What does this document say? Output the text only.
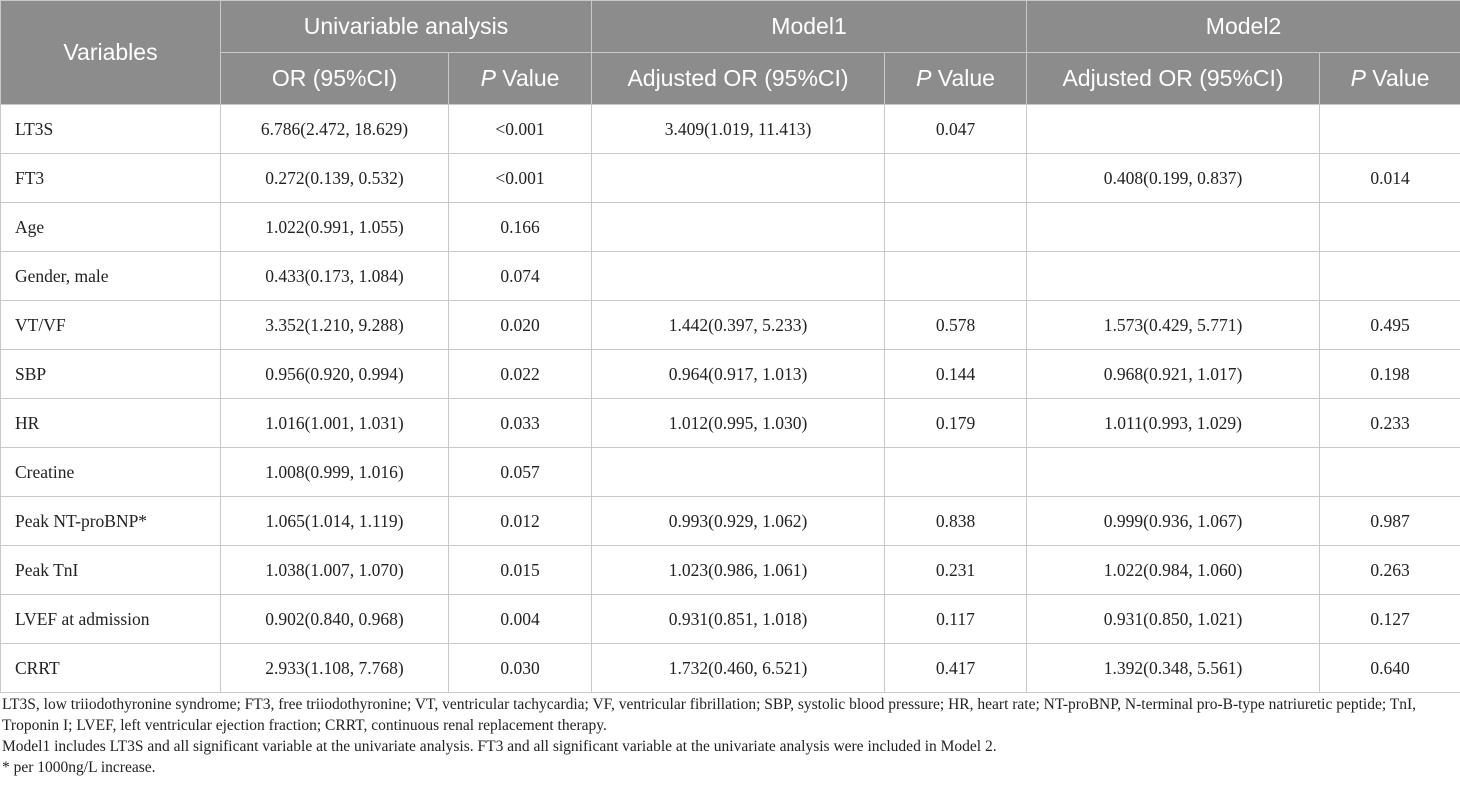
Variables	Univariable analysis		Model1		Model2	
	OR (95%CI)	P Value	Adjusted OR (95%CI)	P Value	Adjusted OR (95%CI)	P Value
LT3S	6.786(2.472, 18.629)	<0.001	3.409(1.019, 11.413)	0.047		
FT3	0.272(0.139, 0.532)	<0.001			0.408(0.199, 0.837)	0.014
Age	1.022(0.991, 1.055)	0.166				
Gender, male	0.433(0.173, 1.084)	0.074				
VT/VF	3.352(1.210, 9.288)	0.020	1.442(0.397, 5.233)	0.578	1.573(0.429, 5.771)	0.495
SBP	0.956(0.920, 0.994)	0.022	0.964(0.917, 1.013)	0.144	0.968(0.921, 1.017)	0.198
HR	1.016(1.001, 1.031)	0.033	1.012(0.995, 1.030)	0.179	1.011(0.993, 1.029)	0.233
Creatine	1.008(0.999, 1.016)	0.057				
Peak NT-proBNP*	1.065(1.014, 1.119)	0.012	0.993(0.929, 1.062)	0.838	0.999(0.936, 1.067)	0.987
Peak TnI	1.038(1.007, 1.070)	0.015	1.023(0.986, 1.061)	0.231	1.022(0.984, 1.060)	0.263
LVEF at admission	0.902(0.840, 0.968)	0.004	0.931(0.851, 1.018)	0.117	0.931(0.850, 1.021)	0.127
CRRT	2.933(1.108, 7.768)	0.030	1.732(0.460, 6.521)	0.417	1.392(0.348, 5.561)	0.640

LT3S, low triiodothyronine syndrome; FT3, free triiodothyronine; VT, ventricular tachycardia; VF, ventricular fibrillation; SBP, systolic blood pressure; HR, heart rate; NT-proBNP, N-terminal pro-B-type natriuretic peptide; TnI, Troponin I; LVEF, left ventricular ejection fraction; CRRT, continuous renal replacement therapy.

Model1 includes LT3S and all significant variable at the univariate analysis. FT3 and all significant variable at the univariate analysis were included in Model 2.

* per 1000ng/L increase.
